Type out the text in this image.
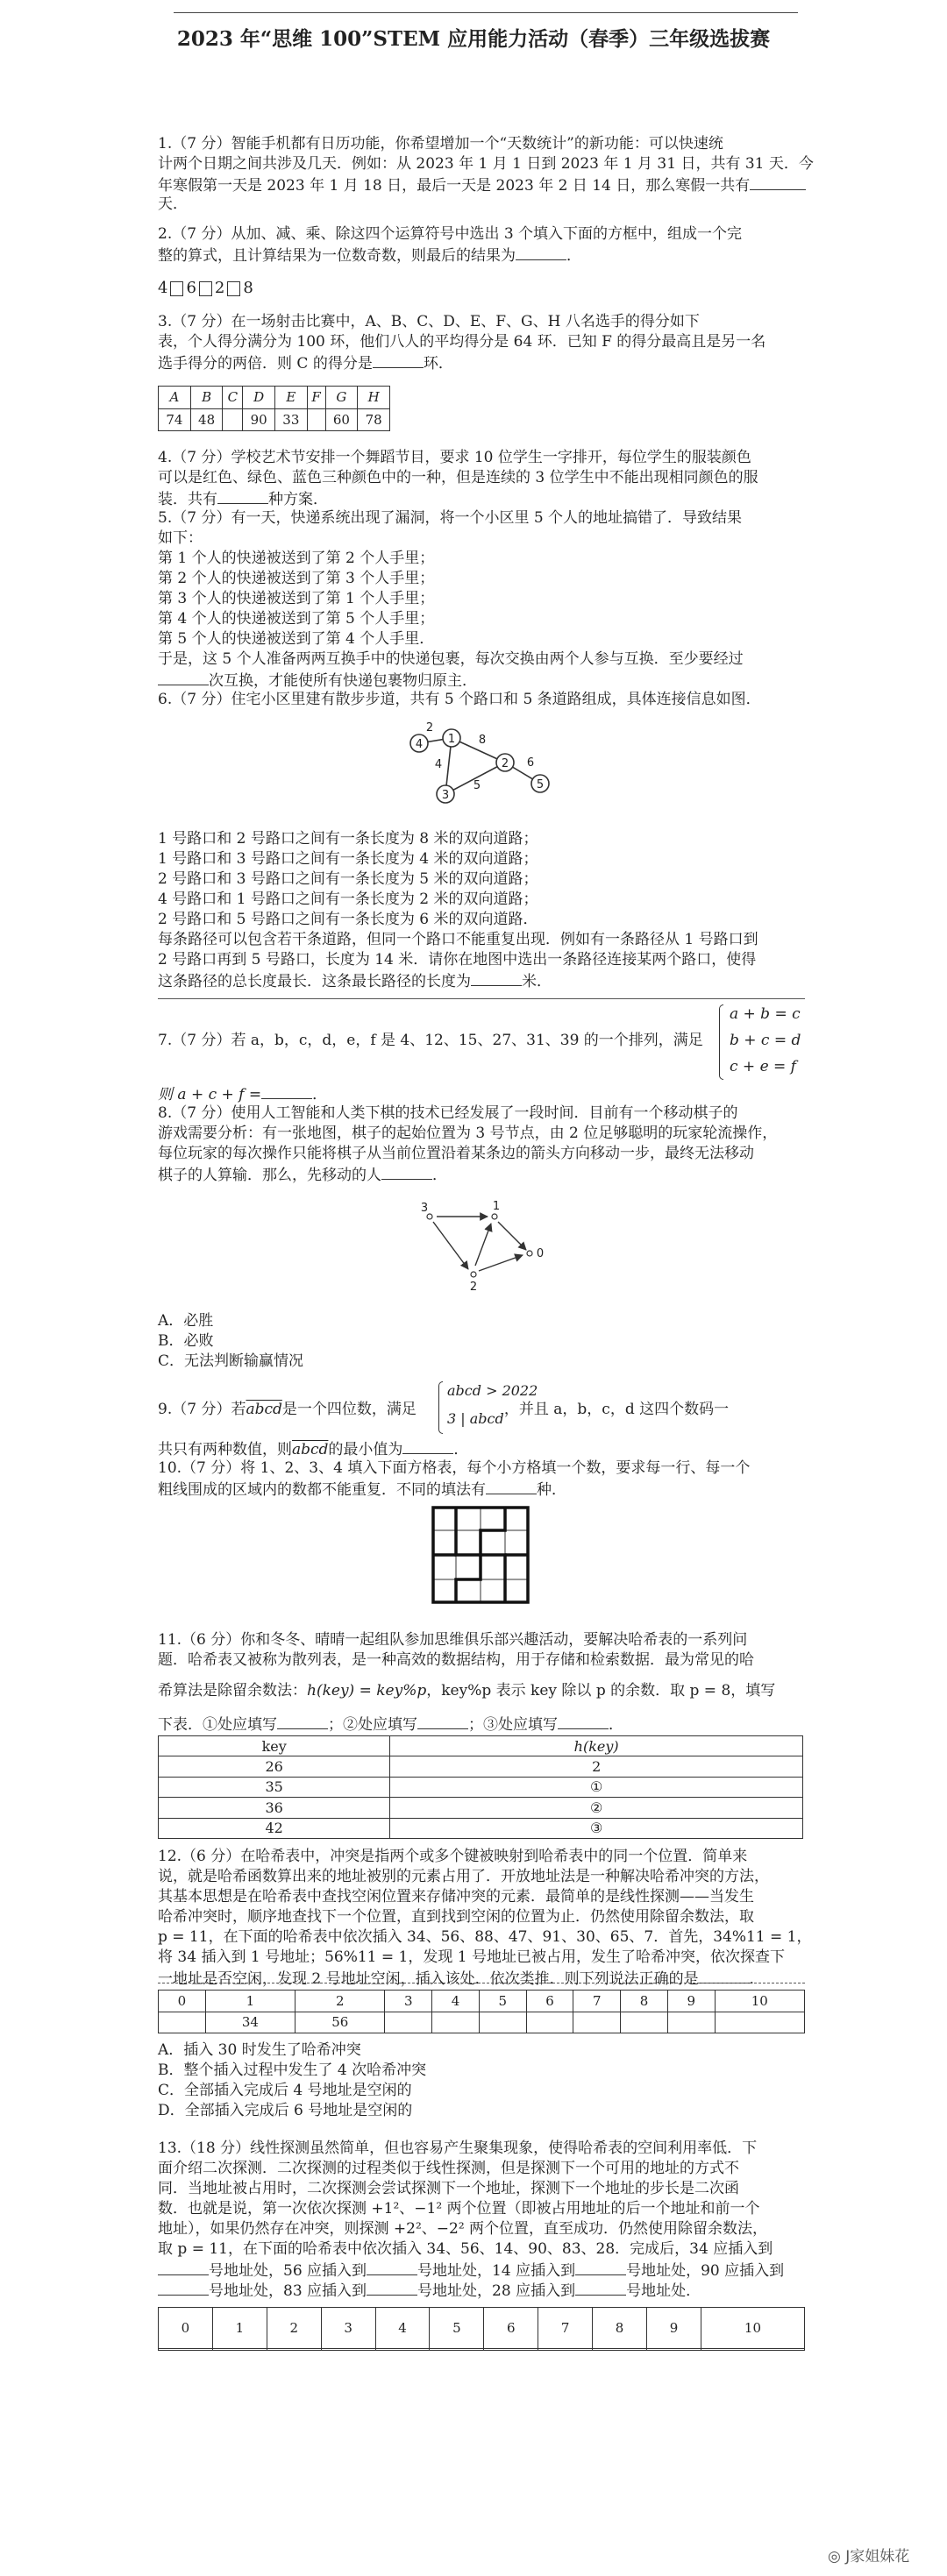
2023 年“思维 100”STEM 应用能力活动（春季）三年级选拔赛
1.（7 分）智能手机都有日历功能，你希望增加一个“天数统计”的新功能：可以快速统
计两个日期之间共涉及几天．例如：从 2023 年 1 月 1 日到 2023 年 1 月 31 日，共有 31 天．今
年寒假第一天是 2023 年 1 月 18 日，最后一天是 2023 年 2 日 14 日，那么寒假一共有
天．
2.（7 分）从加、减、乘、除这四个运算符号中选出 3 个填入下面的方框中，组成一个完
整的算式，且计算结果为一位数奇数，则最后的结果为	．
4 6 2 8
3.（7 分）在一场射击比赛中，A、B、C、D、E、F、G、H 八名选手的得分如下
表，个人得分满分为 100 环，他们八人的平均得分是 64 环．已知 F 的得分最高且是另一名
选手得分的两倍．则 C 的得分是	环．
A	B	C	D	E	F	G	H
74	48		90	33		60	78
4.（7 分）学校艺术节安排一个舞蹈节目，要求 10 位学生一字排开，每位学生的服装颜色
可以是红色、绿色、蓝色三种颜色中的一种，但是连续的 3 位学生中不能出现相同颜色的服
装．共有	种方案．
5.（7 分）有一天，快递系统出现了漏洞，将一个小区里 5 个人的地址搞错了．导致结果
如下：
第 1 个人的快递被送到了第 2 个人手里；
第 2 个人的快递被送到了第 3 个人手里；
第 3 个人的快递被送到了第 1 个人手里；
第 4 个人的快递被送到了第 5 个人手里；
第 5 个人的快递被送到了第 4 个人手里．
于是，这 5 个人准备两两互换手中的快递包裹，每次交换由两个人参与互换．至少要经过
次互换，才能使所有快递包裹物归原主．
6.（7 分）住宅小区里建有散步步道，共有 5 个路口和 5 条道路组成，具体连接信息如图．
1
2
3
4
5
2
8
4
5
6
1 号路口和 2 号路口之间有一条长度为 8 米的双向道路；
1 号路口和 3 号路口之间有一条长度为 4 米的双向道路；
2 号路口和 3 号路口之间有一条长度为 5 米的双向道路；
4 号路口和 1 号路口之间有一条长度为 2 米的双向道路；
2 号路口和 5 号路口之间有一条长度为 6 米的双向道路．
每条路径可以包含若干条道路，但同一个路口不能重复出现．例如有一条路径从 1 号路口到
2 号路口再到 5 号路口，长度为 14 米．请你在地图中选出一条路径连接某两个路口，使得
这条路径的总长度最长．这条最长路径的长度为	米．
7.（7 分）若 a，b，c，d，e，f 是 4、12、15、27、31、39 的一个排列，满足
a + b = c
b + c = d
c + e = f
则 a + c + f =	．
8.（7 分）使用人工智能和人类下棋的技术已经发展了一段时间．目前有一个移动棋子的
游戏需要分析：有一张地图，棋子的起始位置为 3 号节点，由 2 位足够聪明的玩家轮流操作，
每位玩家的每次操作只能将棋子从当前位置沿着某条边的箭头方向移动一步，最终无法移动
棋子的人算输．那么，先移动的人	．
3	1
0
2
A．必胜
B．必败
C．无法判断输赢情况
9.（7 分）若abcd是一个四位数，满足	，并且 a，b，c，d 这四个数码一
abcd > 2022
3 | abcd
共只有两种数值，则abcd的最小值为	．
10.（7 分）将 1、2、3、4 填入下面方格表，每个小方格填一个数，要求每一行、每一个
粗线围成的区域内的数都不能重复．不同的填法有	种．
11.（6 分）你和冬冬、晴晴一起组队参加思维俱乐部兴趣活动，要解决哈希表的一系列问
题．哈希表又被称为散列表，是一种高效的数据结构，用于存储和检索数据．最为常见的哈
希算法是除留余数法：h(key) = key%p，key%p 表示 key 除以 p 的余数．取 p = 8，填写
下表．①处应填写	；②处应填写	；③处应填写	．
key	h(key)
26	2
35	①
36	②
42	③
12.（6 分）在哈希表中，冲突是指两个或多个键被映射到哈希表中的同一个位置．简单来
说，就是哈希函数算出来的地址被别的元素占用了．开放地址法是一种解决哈希冲突的方法，
其基本思想是在哈希表中查找空闲位置来存储冲突的元素．最简单的是线性探测——当发生
哈希冲突时，顺序地查找下一个位置，直到找到空闲的位置为止．仍然使用除留余数法，取
p = 11，在下面的哈希表中依次插入 34、56、88、47、91、30、65、7．首先，34%11 = 1，
将 34 插入到 1 号地址；56%11 = 1，发现 1 号地址已被占用，发生了哈希冲突，依次探查下
一地址是否空闲，发现 2 号地址空闲，插入该处．依次类推．则下列说法正确的是	．
0	1	2	3	4	5	6	7	8	9	10
	34	56								
A．插入 30 时发生了哈希冲突
B．整个插入过程中发生了 4 次哈希冲突
C．全部插入完成后 4 号地址是空闲的
D．全部插入完成后 6 号地址是空闲的
13.（18 分）线性探测虽然简单，但也容易产生聚集现象，使得哈希表的空间利用率低．下
面介绍二次探测．二次探测的过程类似于线性探测，但是探测下一个可用的地址的方式不
同．当地址被占用时，二次探测会尝试探测下一个地址，探测下一个地址的步长是二次函
数．也就是说，第一次依次探测 +1²、−1² 两个位置（即被占用地址的后一个地址和前一个
地址），如果仍然存在冲突，则探测 +2²、−2² 两个位置，直至成功．仍然使用除留余数法，
取 p = 11，在下面的哈希表中依次插入 34、56、14、90、83、28．完成后，34 应插入到
号地址处，56 应插入到	号地址处，14 应插入到	号地址处，90 应插入到
号地址处，83 应插入到	号地址处，28 应插入到	号地址处．
0	1	2	3	4	5	6	7	8	9	10

◎ J家姐妹花
